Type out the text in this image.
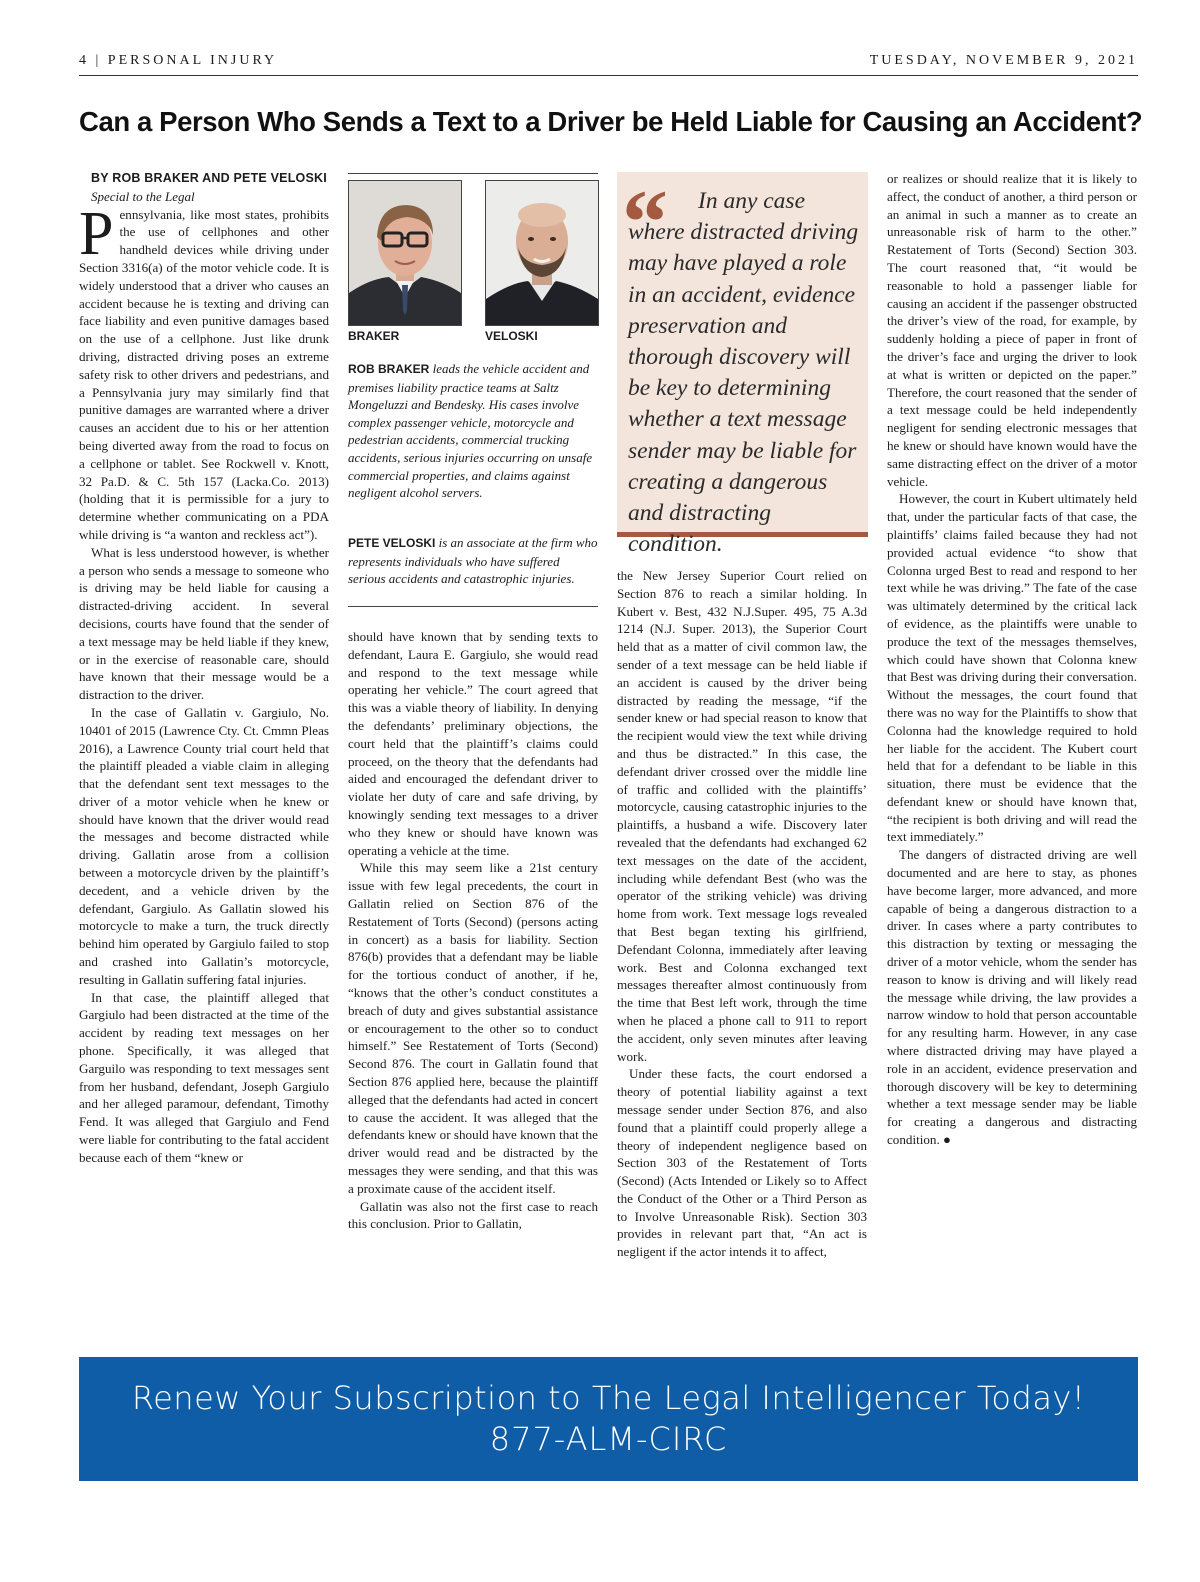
4 | PERSONAL INJURY	TUESDAY, NOVEMBER 9, 2021
Can a Person Who Sends a Text to a Driver be Held Liable for Causing an Accident?

BY ROB BRAKER AND PETE VELOSKI

Special to the Legal

Pennsylvania, like most states, prohibits the use of cellphones and other handheld devices while driving under Section 3316(a) of the motor vehicle code. It is widely understood that a driver who causes an accident because he is texting and driving can face liability and even punitive damages based on the use of a cellphone. Just like drunk driving, distracted driving poses an extreme safety risk to other drivers and pedestrians, and a Pennsylvania jury may similarly find that punitive damages are warranted where a driver causes an accident due to his or her attention being diverted away from the road to focus on a cellphone or tablet. See Rockwell v. Knott, 32 Pa.D. & C. 5th 157 (Lacka.Co. 2013) (holding that it is permissible for a jury to determine whether communicating on a PDA while driving is “a wanton and reckless act”).

What is less understood however, is whether a person who sends a message to someone who is driving may be held liable for causing a distracted-driving accident. In several decisions, courts have found that the sender of a text message may be held liable if they knew, or in the exercise of reasonable care, should have known that their message would be a distraction to the driver.

In the case of Gallatin v. Gargiulo, No. 10401 of 2015 (Lawrence Cty. Ct. Cmmn Pleas 2016), a Lawrence County trial court held that the plaintiff pleaded a viable claim in alleging that the defendant sent text messages to the driver of a motor vehicle when he knew or should have known that the driver would read the messages and become distracted while driving. Gallatin arose from a collision between a motorcycle driven by the plaintiff’s decedent, and a vehicle driven by the defendant, Gargiulo. As Gallatin slowed his motorcycle to make a turn, the truck directly behind him operated by Gargiulo failed to stop and crashed into Gallatin’s motorcycle, resulting in Gallatin suffering fatal injuries.

In that case, the plaintiff alleged that Gargiulo had been distracted at the time of the accident by reading text messages on her phone. Specifically, it was alleged that Garguilo was responding to text messages sent from her husband, defendant, Joseph Gargiulo and her alleged paramour, defendant, Timothy Fend. It was alleged that Gargiulo and Fend were liable for contributing to the fatal accident because each of them “knew or

BRAKER	VELOSKI
ROB BRAKER leads the vehicle accident and premises liability practice teams at Saltz Mongeluzzi and Bendesky. His cases involve complex passenger vehicle, motorcycle and pedestrian accidents, commercial trucking accidents, serious injuries occurring on unsafe commercial properties, and claims against negligent alcohol servers.
PETE VELOSKI is an associate at the firm who represents individuals who have suffered serious accidents and catastrophic injuries.

should have known that by sending texts to defendant, Laura E. Gargiulo, she would read and respond to the text message while operating her vehicle.” The court agreed that this was a viable theory of liability. In denying the defendants’ preliminary objections, the court held that the plaintiff’s claims could proceed, on the theory that the defendants had aided and encouraged the defendant driver to violate her duty of care and safe driving, by knowingly sending text messages to a driver who they knew or should have known was operating a vehicle at the time.

While this may seem like a 21st century issue with few legal precedents, the court in Gallatin relied on Section 876 of the Restatement of Torts (Second) (persons acting in concert) as a basis for liability. Section 876(b) provides that a defendant may be liable for the tortious conduct of another, if he, “knows that the other’s conduct constitutes a breach of duty and gives substantial assistance or encouragement to the other so to conduct himself.” See Restatement of Torts (Second) Second 876. The court in Gallatin found that Section 876 applied here, because the plaintiff alleged that the defendants had acted in concert to cause the accident. It was alleged that the defendants knew or should have known that the driver would read and be distracted by the messages they were sending, and that this was a proximate cause of the accident itself.

Gallatin was also not the first case to reach this conclusion. Prior to Gallatin,

“	In any case where distracted driving may have played a role in an accident, evidence preservation and thorough discovery will be key to determining whether a text message sender may be liable for creating a dangerous and distracting condition.

the New Jersey Superior Court relied on Section 876 to reach a similar holding. In Kubert v. Best, 432 N.J.Super. 495, 75 A.3d 1214 (N.J. Super. 2013), the Superior Court held that as a matter of civil common law, the sender of a text message can be held liable if an accident is caused by the driver being distracted by reading the message, “if the sender knew or had special reason to know that the recipient would view the text while driving and thus be distracted.” In this case, the defendant driver crossed over the middle line of traffic and collided with the plaintiffs’ motorcycle, causing catastrophic injuries to the plaintiffs, a husband a wife. Discovery later revealed that the defendants had exchanged 62 text messages on the date of the accident, including while defendant Best (who was the operator of the striking vehicle) was driving home from work. Text message logs revealed that Best began texting his girlfriend, Defendant Colonna, immediately after leaving work. Best and Colonna exchanged text messages thereafter almost continuously from the time that Best left work, through the time when he placed a phone call to 911 to report the accident, only seven minutes after leaving work.

Under these facts, the court endorsed a theory of potential liability against a text message sender under Section 876, and also found that a plaintiff could properly allege a theory of independent negligence based on Section 303 of the Restatement of Torts (Second) (Acts Intended or Likely so to Affect the Conduct of the Other or a Third Person as to Involve Unreasonable Risk). Section 303 provides in relevant part that, “An act is negligent if the actor intends it to affect,

or realizes or should realize that it is likely to affect, the conduct of another, a third person or an animal in such a manner as to create an unreasonable risk of harm to the other.” Restatement of Torts (Second) Section 303. The court reasoned that, “it would be reasonable to hold a passenger liable for causing an accident if the passenger obstructed the driver’s view of the road, for example, by suddenly holding a piece of paper in front of the driver’s face and urging the driver to look at what is written or depicted on the paper.” Therefore, the court reasoned that the sender of a text message could be held independently negligent for sending electronic messages that he knew or should have known would have the same distracting effect on the driver of a motor vehicle.

However, the court in Kubert ultimately held that, under the particular facts of that case, the plaintiffs’ claims failed because they had not provided actual evidence “to show that Colonna urged Best to read and respond to her text while he was driving.” The fate of the case was ultimately determined by the critical lack of evidence, as the plaintiffs were unable to produce the text of the messages themselves, which could have shown that Colonna knew that Best was driving during their conversation. Without the messages, the court found that there was no way for the Plaintiffs to show that Colonna had the knowledge required to hold her liable for the accident. The Kubert court held that for a defendant to be liable in this situation, there must be evidence that the defendant knew or should have known that, “the recipient is both driving and will read the text immediately.”

The dangers of distracted driving are well documented and are here to stay, as phones have become larger, more advanced, and more capable of being a dangerous distraction to a driver. In cases where a party contributes to this distraction by texting or messaging the driver of a motor vehicle, whom the sender has reason to know is driving and will likely read the message while driving, the law provides a narrow window to hold that person accountable for any resulting harm. However, in any case where distracted driving may have played a role in an accident, evidence preservation and thorough discovery will be key to determining whether a text message sender may be liable for creating a dangerous and distracting condition. ●

Renew Your Subscription to The Legal Intelligencer Today!
877-ALM-CIRC
